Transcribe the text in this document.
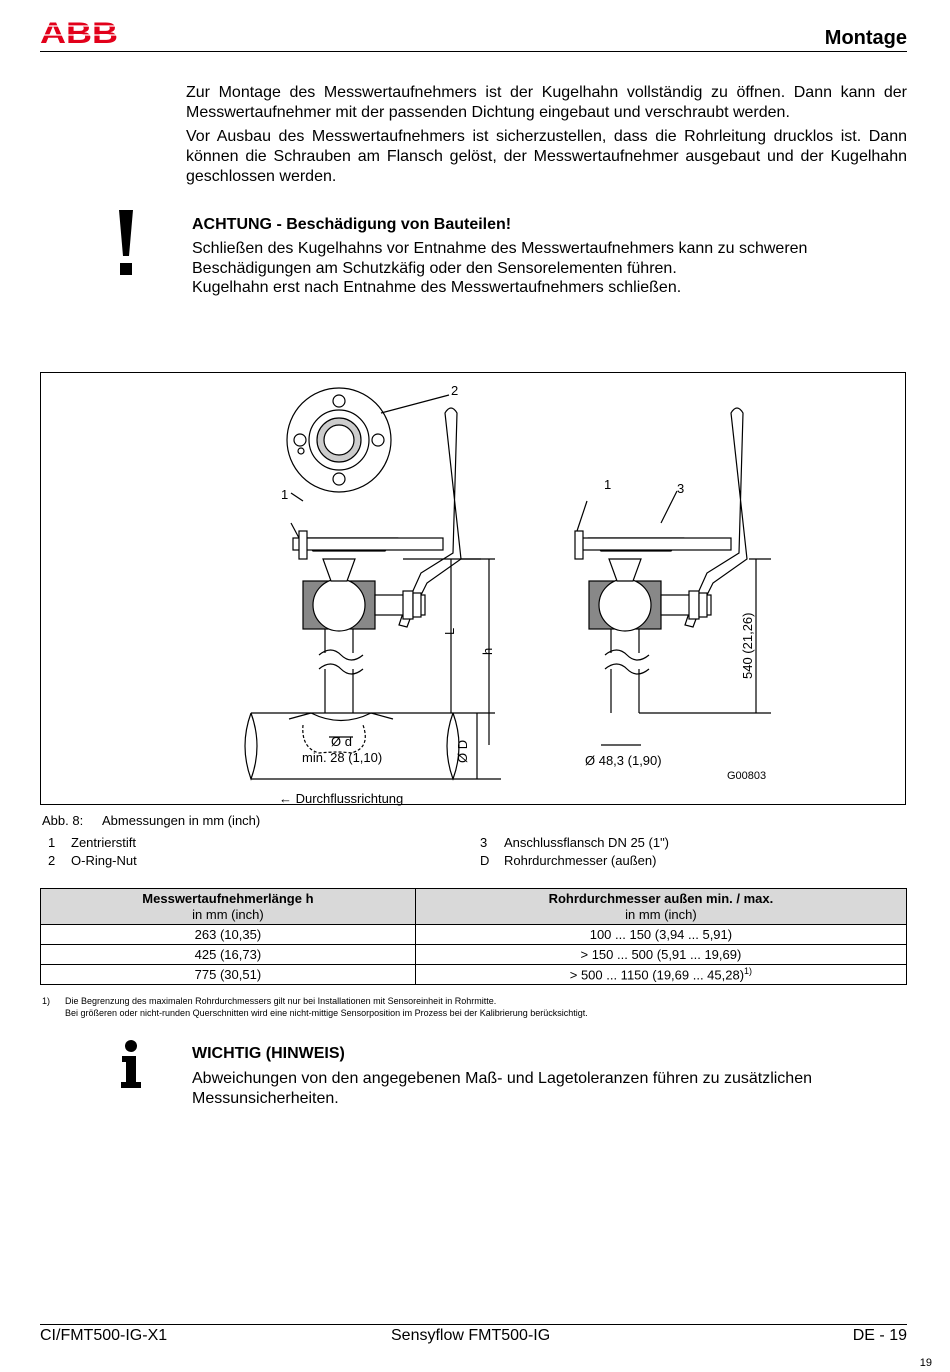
ABB	Montage
Zur Montage des Messwertaufnehmers ist der Kugelhahn vollständig zu öffnen. Dann kann der Messwertaufnehmer mit der passenden Dichtung eingebaut und verschraubt werden.
Vor Ausbau des Messwertaufnehmers ist sicherzustellen, dass die Rohrleitung drucklos ist. Dann können die Schrauben am Flansch gelöst, der Messwertaufnehmer ausgebaut und der Kugelhahn geschlossen werden.
ACHTUNG - Beschädigung von Bauteilen!
Schließen des Kugelhahns vor Entnahme des Messwertaufnehmers kann zu schweren
Beschädigungen am Schutzkäfig oder den Sensorelementen führen.
Kugelhahn erst nach Entnahme des Messwertaufnehmers schließen.
1
2
1	3
L
h
Ø D
540 (21,26)
Ø d
min. 28 (1,10)	Ø 48,3 (1,90)
G00803
← Durchflussrichtung
Abb. 8: Abmessungen in mm (inch)
1 Zentrierstift
2 O-Ring-Nut
3 Anschlussflansch DN 25 (1")
D Rohrdurchmesser (außen)
Messwertaufnehmerlänge h
in mm (inch)	Rohrdurchmesser außen min. / max.
in mm (inch)
263 (10,35)	100 ... 150 (3,94 ... 5,91)
425 (16,73)	> 150 ... 500 (5,91 ... 19,69)
775 (30,51)	> 500 ... 1150 (19,69 ... 45,28)$^{1)}$
1) Die Begrenzung des maximalen Rohrdurchmessers gilt nur bei Installationen mit Sensoreinheit in Rohrmitte.
Bei größeren oder nicht-runden Querschnitten wird eine nicht-mittige Sensorposition im Prozess bei der Kalibrierung berücksichtigt.
WICHTIG (HINWEIS)
Abweichungen von den angegebenen Maß- und Lagetoleranzen führen zu zusätzlichen
Messunsicherheiten.
CI/FMT500-IG-X1	Sensyflow FMT500-IG	DE - 19
19
